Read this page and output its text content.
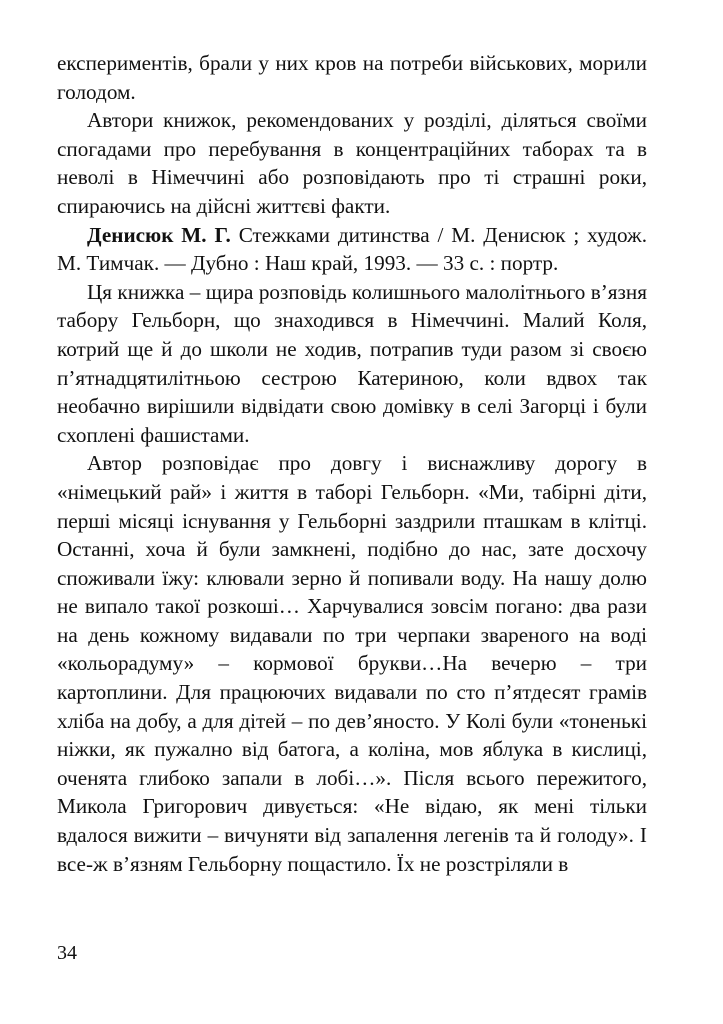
експериментів, брали у них кров на потреби військових, морили голодом.

Автори книжок, рекомендованих у розділі, діляться своїми спогадами про перебування в концентраційних таборах та в неволі в Німеччині або розповідають про ті страшні роки, спираючись на дійсні життєві факти.

Денисюк М. Г. Стежками дитинства / М. Денисюк ; худож. М. Тимчак. — Дубно : Наш край, 1993. — 33 с. : портр.

Ця книжка – щира розповідь колишнього малолітнього в’язня табору Гельборн, що знаходився в Німеччині. Малий Коля, котрий ще й до школи не ходив, потрапив туди разом зі своєю п’ятнадцятилітньою сестрою Катериною, коли вдвох так необачно вирішили відвідати свою домівку в селі Загорці і були схоплені фашистами.

Автор розповідає про довгу і виснажливу дорогу в «німецький рай» і життя в таборі Гельборн. «Ми, табірні діти, перші місяці існування у Гельборні заздрили пташкам в клітці. Останні, хоча й були замкнені, подібно до нас, зате досхочу споживали їжу: клювали зерно й попивали воду. На нашу долю не випало такої розкоші… Харчувалися зовсім погано: два рази на день кожному видавали по три черпаки звареного на воді «кольорадуму» – кормової брукви…На вечерю – три картоплини. Для працюючих видавали по сто п’ятдесят грамів хліба на добу, а для дітей – по дев’яносто. У Колі були «тоненькі ніжки, як пужално від батога, а коліна, мов яблука в кислиці, оченята глибоко запали в лобі…». Після всього пережитого, Микола Григорович дивується: «Не відаю, як мені тільки вдалося вижити – вичуняти від запалення легенів та й голоду». І все-ж в’язням Гельборну пощастило. Їх не розстріляли в

34
